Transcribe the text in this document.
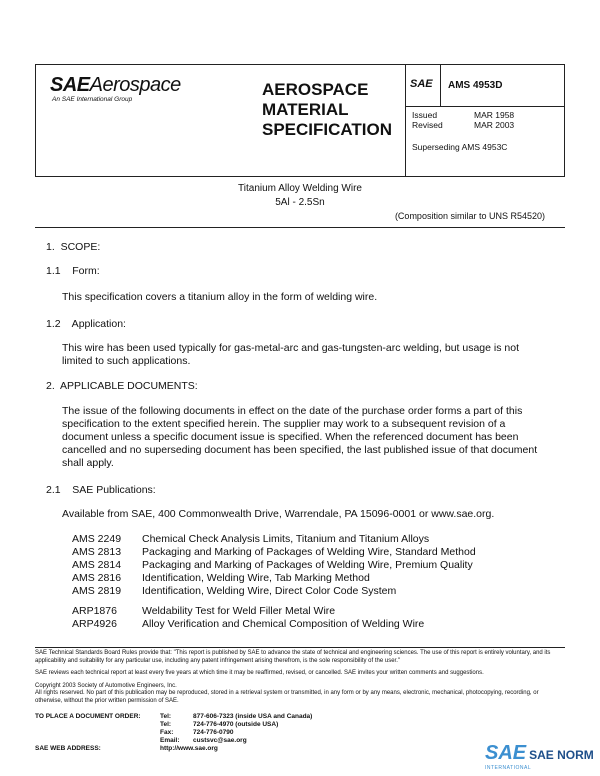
SAEAerospace
An SAE International Group
AEROSPACE
MATERIAL
SPECIFICATION
SAE AMS 4953D
Issued	MAR 1958
Revised	MAR 2003
Superseding AMS 4953C
Titanium Alloy Welding Wire
5Al - 2.5Sn
(Composition similar to UNS R54520)
1.  SCOPE:
1.1    Form:
This specification covers a titanium alloy in the form of welding wire.
1.2    Application:
This wire has been used typically for gas-metal-arc and gas-tungsten-arc welding, but usage is not limited to such applications.
2.  APPLICABLE DOCUMENTS:
The issue of the following documents in effect on the date of the purchase order forms a part of this specification to the extent specified herein. The supplier may work to a subsequent revision of a document unless a specific document issue is specified. When the referenced document has been cancelled and no superseding document has been specified, the last published issue of that document shall apply.
2.1    SAE Publications:
Available from SAE, 400 Commonwealth Drive, Warrendale, PA 15096-0001 or www.sae.org.
AMS 2249 Chemical Check Analysis Limits, Titanium and Titanium Alloys
AMS 2813 Packaging and Marking of Packages of Welding Wire, Standard Method
AMS 2814 Packaging and Marking of Packages of Welding Wire, Premium Quality
AMS 2816 Identification, Welding Wire, Tab Marking Method
AMS 2819 Identification, Welding Wire, Direct Color Code System
ARP1876 Weldability Test for Weld Filler Metal Wire
ARP4926 Alloy Verification and Chemical Composition of Welding Wire
SAE Technical Standards Board Rules provide that: "This report is published by SAE to advance the state of technical and engineering sciences. The use of this report is entirely voluntary, and its applicability and suitability for any particular use, including any patent infringement arising therefrom, is the sole responsibility of the user."
SAE reviews each technical report at least every five years at which time it may be reaffirmed, revised, or cancelled. SAE invites your written comments and suggestions.
Copyright 2003 Society of Automotive Engineers, Inc.
All rights reserved. No part of this publication may be reproduced, stored in a retrieval system or transmitted, in any form or by any means, electronic, mechanical, photocopying, recording, or otherwise, without the prior written permission of SAE.
TO PLACE A DOCUMENT ORDER:	Tel:	877-606-7323 (inside USA and Canada)
Tel:	724-776-4970 (outside USA)
Fax:	724-776-0790
Email: custsvc@sae.org
SAE WEB ADDRESS:	http://www.sae.org	SAE SAE NORM
INTERNATIONAL
